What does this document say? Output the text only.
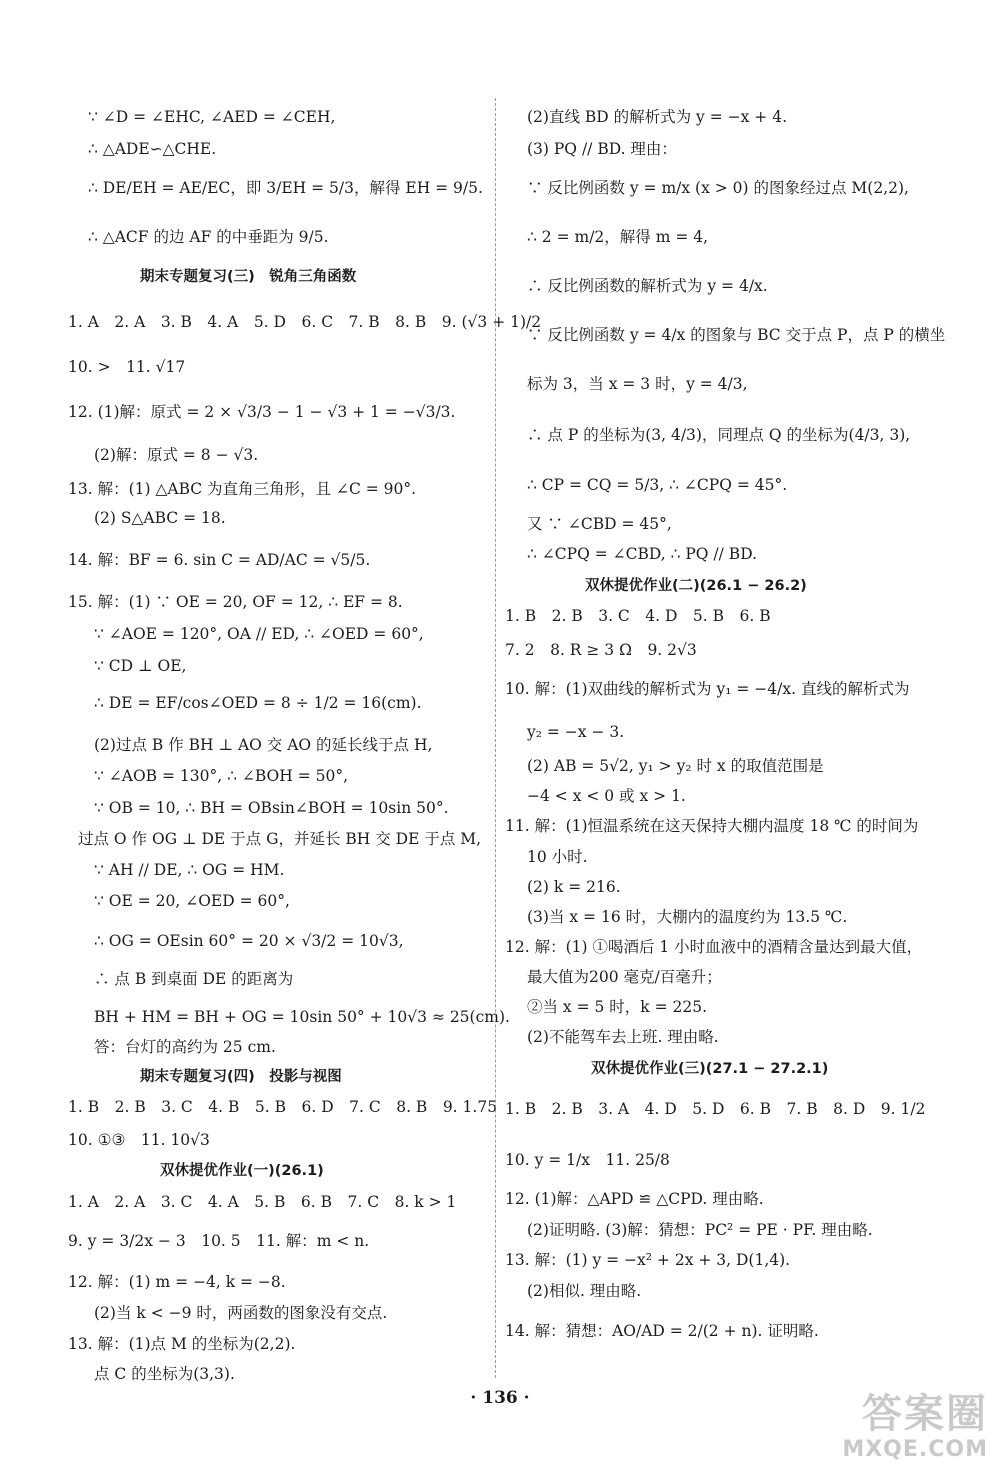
∵ ∠D = ∠EHC, ∠AED = ∠CEH,
∴ △ADE∽△CHE.
∴ DE/EH = AE/EC，即 3/EH = 5/3，解得 EH = 9/5.
∴ △ACF 的边 AF 的中垂距为 9/5.
期末专题复习(三)　锐角三角函数
1. A　2. A　3. B　4. A　5. D　6. C　7. B　8. B　9. (√3 + 1)/2
10. >　11. √17
12. (1)解：原式 = 2 × √3/3 − 1 − √3 + 1 = −√3/3.
(2)解：原式 = 8 − √3.
13. 解：(1) △ABC 为直角三角形，且 ∠C = 90°.
(2) S△ABC = 18.
14. 解：BF = 6. sin C = AD/AC = √5/5.
15. 解：(1) ∵ OE = 20, OF = 12, ∴ EF = 8.
∵ ∠AOE = 120°, OA // ED, ∴ ∠OED = 60°,
∵ CD ⊥ OE,
∴ DE = EF/cos∠OED = 8 ÷ 1/2 = 16(cm).
(2)过点 B 作 BH ⊥ AO 交 AO 的延长线于点 H,
∵ ∠AOB = 130°, ∴ ∠BOH = 50°,
∵ OB = 10, ∴ BH = OBsin∠BOH = 10sin 50°.
过点 O 作 OG ⊥ DE 于点 G，并延长 BH 交 DE 于点 M,
∵ AH // DE, ∴ OG = HM.
∵ OE = 20, ∠OED = 60°,
∴ OG = OEsin 60° = 20 × √3/2 = 10√3,
∴ 点 B 到桌面 DE 的距离为
BH + HM = BH + OG = 10sin 50° + 10√3 ≈ 25(cm).
答：台灯的高约为 25 cm.
期末专题复习(四)　投影与视图
1. B　2. B　3. C　4. B　5. B　6. D　7. C　8. B　9. 1.75
10. ①③　11. 10√3
双休提优作业(一)(26.1)
1. A　2. A　3. C　4. A　5. B　6. B　7. C　8. k > 1
9. y = 3/2x − 3　10. 5　11. 解：m < n.
12. 解：(1) m = −4, k = −8.
(2)当 k < −9 时，两函数的图象没有交点.
13. 解：(1)点 M 的坐标为(2,2).
点 C 的坐标为(3,3).
(2)直线 BD 的解析式为 y = −x + 4.
(3) PQ // BD. 理由：
∵ 反比例函数 y = m/x (x > 0) 的图象经过点 M(2,2),
∴ 2 = m/2，解得 m = 4,
∴ 反比例函数的解析式为 y = 4/x.
∵ 反比例函数 y = 4/x 的图象与 BC 交于点 P，点 P 的横坐
标为 3，当 x = 3 时，y = 4/3,
∴ 点 P 的坐标为(3, 4/3)，同理点 Q 的坐标为(4/3, 3),
∴ CP = CQ = 5/3, ∴ ∠CPQ = 45°.
又 ∵ ∠CBD = 45°,
∴ ∠CPQ = ∠CBD, ∴ PQ // BD.
双休提优作业(二)(26.1 − 26.2)
1. B　2. B　3. C　4. D　5. B　6. B
7. 2　8. R ≥ 3 Ω　9. 2√3
10. 解：(1)双曲线的解析式为 y₁ = −4/x. 直线的解析式为
y₂ = −x − 3.
(2) AB = 5√2, y₁ > y₂ 时 x 的取值范围是
−4 < x < 0 或 x > 1.
11. 解：(1)恒温系统在这天保持大棚内温度 18 ℃ 的时间为
10 小时.
(2) k = 216.
(3)当 x = 16 时，大棚内的温度约为 13.5 ℃.
12. 解：(1) ①喝酒后 1 小时血液中的酒精含量达到最大值，
最大值为200 毫克/百毫升；
②当 x = 5 时，k = 225.
(2)不能驾车去上班. 理由略.
双休提优作业(三)(27.1 − 27.2.1)
1. B　2. B　3. A　4. D　5. D　6. B　7. B　8. D　9. 1/2
10. y = 1/x　11. 25/8
12. (1)解：△APD ≌ △CPD. 理由略.
(2)证明略. (3)解：猜想：PC² = PE · PF. 理由略.
13. 解：(1) y = −x² + 2x + 3, D(1,4).
(2)相似. 理由略.
14. 解：猜想：AO/AD = 2/(2 + n). 证明略.
· 136 ·	答案圈
MXQE.COM
